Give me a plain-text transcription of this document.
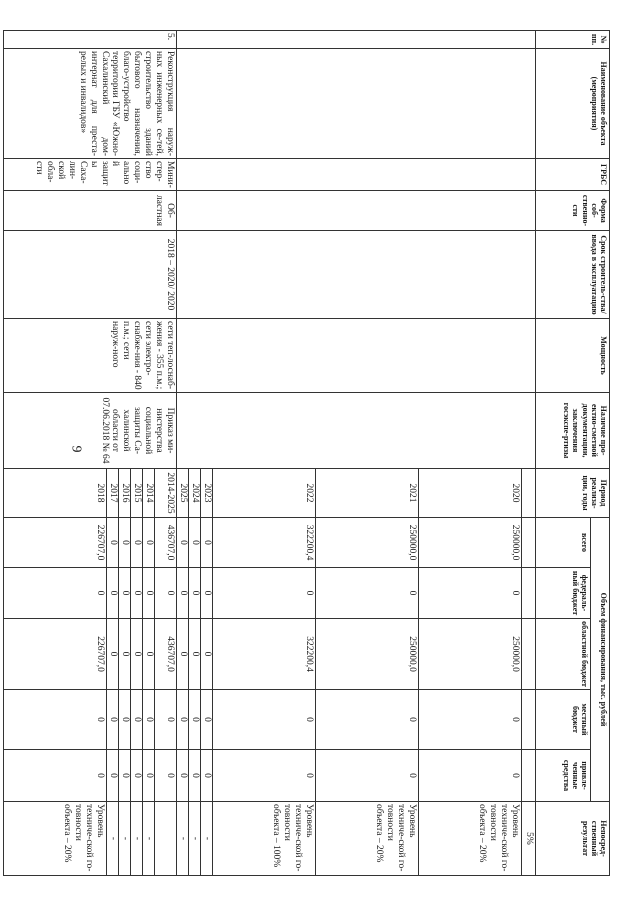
9
№ пп.	Наименование объекта (мероприятия)	ГРБС	Форма соб-ственно-сти	Срок строитель-ства/ввода в эксплуатацию	Мощность	Наличие про-ектно-сметной документации, заключения госэкспе-ртизы	Период реализа-ции, годы	Объем финансирования, тыс. рублей					Непосред-ственный результат
								всего	федераль-ный бюджет	областной бюджет	местный бюджет	привле-ченные средства	
													5%
							2020	250000,0	0	250000,0	0	0	Уровень техниче-ской го-товности объекта – 20%
							2021	250000,0	0	250000,0	0	0	Уровень техниче-ской го-товности объекта – 20%
							2022	322200,4	0	322200,4	0	0	Уровень техниче-ской го-товности объекта – 100%
							2023	0	0	0	0	0	-
							2024	0	0	0	0	0	-
							2025	0	0	0	0	0	-
5.	Реконструкция наруж-ных инженерных се-тей, строительство зданий бытового назначения, благо-устройство территории ГБУ «Южно-Сахалинский дом-интернат для преста-релых и инвалидов»	Мини-стер-ство соци-альной защиты Саха-лин-ской обла-сти	Об-ластная	2018 – 2020/ 2020	сети теп-лоснаб-жения - 355 п.м.; сети электро-снабже-ния - 840 п.м.; сети наруж-ного	Приказ ми-нистерства социальной защиты Са-халинской области от 07.06.2018 № 64	2014-2025	436707,0	0	436707,0	0	0	
							2014	0	0	0	0	0	-
							2015	0	0	0	0	0	-
							2016	0	0	0	0	0	-
							2017	0	0	0	0	0	-
							2018	226707,0	0	226707,0	0	0	Уровень техниче-ской го-товности объекта – 20%
